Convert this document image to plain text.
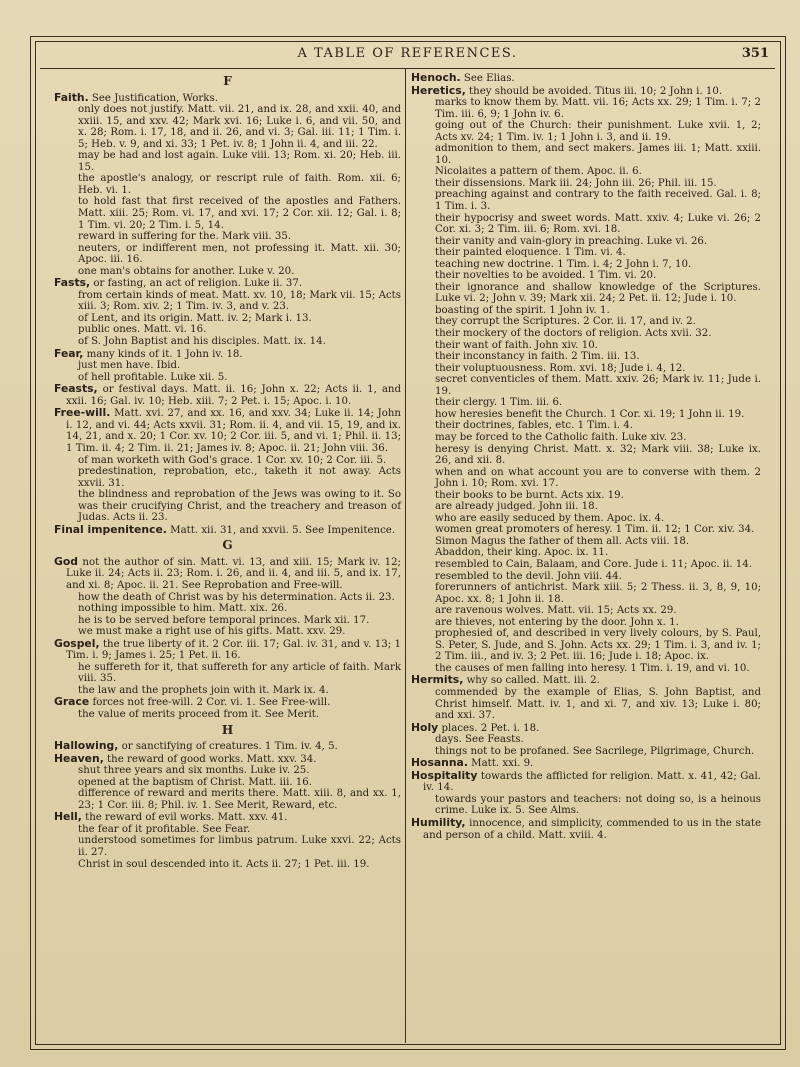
A TABLE OF REFERENCES.	351
F
Faith. See Justification, Works.
only does not justify. Matt. vii. 21, and ix. 28, and xxii. 40, and xxiii. 15, and xxv. 42; Mark xvi. 16; Luke i. 6, and vii. 50, and x. 28; Rom. i. 17, 18, and ii. 26, and vi. 3; Gal. iii. 11; 1 Tim. i. 5; Heb. v. 9, and xi. 33; 1 Pet. iv. 8; 1 John ii. 4, and iii. 22.
may be had and lost again. Luke viii. 13; Rom. xi. 20; Heb. iii. 15.
the apostle's analogy, or rescript rule of faith. Rom. xii. 6; Heb. vi. 1.
to hold fast that first received of the apostles and Fathers. Matt. xiii. 25; Rom. vi. 17, and xvi. 17; 2 Cor. xii. 12; Gal. i. 8; 1 Tim. vi. 20; 2 Tim. i. 5, 14.
reward in suffering for the. Mark viii. 35.
neuters, or indifferent men, not professing it. Matt. xii. 30; Apoc. iii. 16.
one man's obtains for another. Luke v. 20.
Fasts, or fasting, an act of religion. Luke ii. 37.
from certain kinds of meat. Matt. xv. 10, 18; Mark vii. 15; Acts xiii. 3; Rom. xiv. 2; 1 Tim. iv. 3, and v. 23.
of Lent, and its origin. Matt. iv. 2; Mark i. 13.
public ones. Matt. vi. 16.
of S. John Baptist and his disciples. Matt. ix. 14.
Fear, many kinds of it. 1 John iv. 18.
just men have. Ibid.
of hell profitable. Luke xii. 5.
Feasts, or festival days. Matt. ii. 16; John x. 22; Acts ii. 1, and xxii. 16; Gal. iv. 10; Heb. xiii. 7; 2 Pet. i. 15; Apoc. i. 10.
Free-will. Matt. xvi. 27, and xx. 16, and xxv. 34; Luke ii. 14; John i. 12, and vi. 44; Acts xxvii. 31; Rom. ii. 4, and vii. 15, 19, and ix. 14, 21, and x. 20; 1 Cor. xv. 10; 2 Cor. iii. 5, and vi. 1; Phil. ii. 13; 1 Tim. ii. 4; 2 Tim. ii. 21; James iv. 8; Apoc. ii. 21; John viii. 36.
of man worketh with God's grace. 1 Cor. xv. 10; 2 Cor. iii. 5.
predestination, reprobation, etc., taketh it not away. Acts xxvii. 31.
the blindness and reprobation of the Jews was owing to it. So was their crucifying Christ, and the treachery and treason of Judas. Acts ii. 23.
Final impenitence. Matt. xii. 31, and xxvii. 5. See Impenitence.
G
God not the author of sin. Matt. vi. 13, and xiii. 15; Mark iv. 12; Luke ii. 24; Acts ii. 23; Rom. i. 26, and ii. 4, and iii. 5, and ix. 17, and xi. 8; Apoc. ii. 21. See Reprobation and Free-will.
how the death of Christ was by his determination. Acts ii. 23.
nothing impossible to him. Matt. xix. 26.
he is to be served before temporal princes. Mark xii. 17.
we must make a right use of his gifts. Matt. xxv. 29.
Gospel, the true liberty of it. 2 Cor. iii. 17; Gal. iv. 31, and v. 13; 1 Tim. i. 9; James i. 25; 1 Pet. ii. 16.
he suffereth for it, that suffereth for any article of faith. Mark viii. 35.
the law and the prophets join with it. Mark ix. 4.
Grace forces not free-will. 2 Cor. vi. 1. See Free-will.
the value of merits proceed from it. See Merit.
H
Hallowing, or sanctifying of creatures. 1 Tim. iv. 4, 5.
Heaven, the reward of good works. Matt. xxv. 34.
shut three years and six months. Luke iv. 25.
opened at the baptism of Christ. Matt. iii. 16.
difference of reward and merits there. Matt. xiii. 8, and xx. 1, 23; 1 Cor. iii. 8; Phil. iv. 1. See Merit, Reward, etc.
Hell, the reward of evil works. Matt. xxv. 41.
the fear of it profitable. See Fear.
understood sometimes for limbus patrum. Luke xxvi. 22; Acts ii. 27.
Christ in soul descended into it. Acts ii. 27; 1 Pet. iii. 19.
Henoch. See Elias.
Heretics, they should be avoided. Titus iii. 10; 2 John i. 10.
marks to know them by. Matt. vii. 16; Acts xx. 29; 1 Tim. i. 7; 2 Tim. iii. 6, 9; 1 John iv. 6.
going out of the Church: their punishment. Luke xvii. 1, 2; Acts xv. 24; 1 Tim. iv. 1; 1 John i. 3, and ii. 19.
admonition to them, and sect makers. James iii. 1; Matt. xxiii. 10.
Nicolaites a pattern of them. Apoc. ii. 6.
their dissensions. Mark iii. 24; John iii. 26; Phil. iii. 15.
preaching against and contrary to the faith received. Gal. i. 8; 1 Tim. i. 3.
their hypocrisy and sweet words. Matt. xxiv. 4; Luke vi. 26; 2 Cor. xi. 3; 2 Tim. iii. 6; Rom. xvi. 18.
their vanity and vain-glory in preaching. Luke vi. 26.
their painted eloquence. 1 Tim. vi. 4.
teaching new doctrine. 1 Tim. i. 4; 2 John i. 7, 10.
their novelties to be avoided. 1 Tim. vi. 20.
their ignorance and shallow knowledge of the Scriptures. Luke vi. 2; John v. 39; Mark xii. 24; 2 Pet. ii. 12; Jude i. 10.
boasting of the spirit. 1 John iv. 1.
they corrupt the Scriptures. 2 Cor. ii. 17, and iv. 2.
their mockery of the doctors of religion. Acts xvii. 32.
their want of faith. John xiv. 10.
their inconstancy in faith. 2 Tim. iii. 13.
their voluptuousness. Rom. xvi. 18; Jude i. 4, 12.
secret conventicles of them. Matt. xxiv. 26; Mark iv. 11; Jude i. 19.
their clergy. 1 Tim. iii. 6.
how heresies benefit the Church. 1 Cor. xi. 19; 1 John ii. 19.
their doctrines, fables, etc. 1 Tim. i. 4.
may be forced to the Catholic faith. Luke xiv. 23.
heresy is denying Christ. Matt. x. 32; Mark viii. 38; Luke ix. 26, and xii. 8.
when and on what account you are to converse with them. 2 John i. 10; Rom. xvi. 17.
their books to be burnt. Acts xix. 19.
are already judged. John iii. 18.
who are easily seduced by them. Apoc. ix. 4.
women great promoters of heresy. 1 Tim. ii. 12; 1 Cor. xiv. 34.
Simon Magus the father of them all. Acts viii. 18.
Abaddon, their king. Apoc. ix. 11.
resembled to Cain, Balaam, and Core. Jude i. 11; Apoc. ii. 14.
resembled to the devil. John viii. 44.
forerunners of antichrist. Mark xiii. 5; 2 Thess. ii. 3, 8, 9, 10; Apoc. xx. 8; 1 John ii. 18.
are ravenous wolves. Matt. vii. 15; Acts xx. 29.
are thieves, not entering by the door. John x. 1.
prophesied of, and described in very lively colours, by S. Paul, S. Peter, S. Jude, and S. John. Acts xx. 29; 1 Tim. i. 3, and iv. 1; 2 Tim. iii., and iv. 3; 2 Pet. iii. 16; Jude i. 18; Apoc. ix.
the causes of men falling into heresy. 1 Tim. i. 19, and vi. 10.
Hermits, why so called. Matt. iii. 2.
commended by the example of Elias, S. John Baptist, and Christ himself. Matt. iv. 1, and xi. 7, and xiv. 13; Luke i. 80; and xxi. 37.
Holy places. 2 Pet. i. 18.
days. See Feasts.
things not to be profaned. See Sacrilege, Pilgrimage, Church.
Hosanna. Matt. xxi. 9.
Hospitality towards the afflicted for religion. Matt. x. 41, 42; Gal. iv. 14.
towards your pastors and teachers: not doing so, is a heinous crime. Luke ix. 5. See Alms.
Humility, innocence, and simplicity, commended to us in the state and person of a child. Matt. xviii. 4.
